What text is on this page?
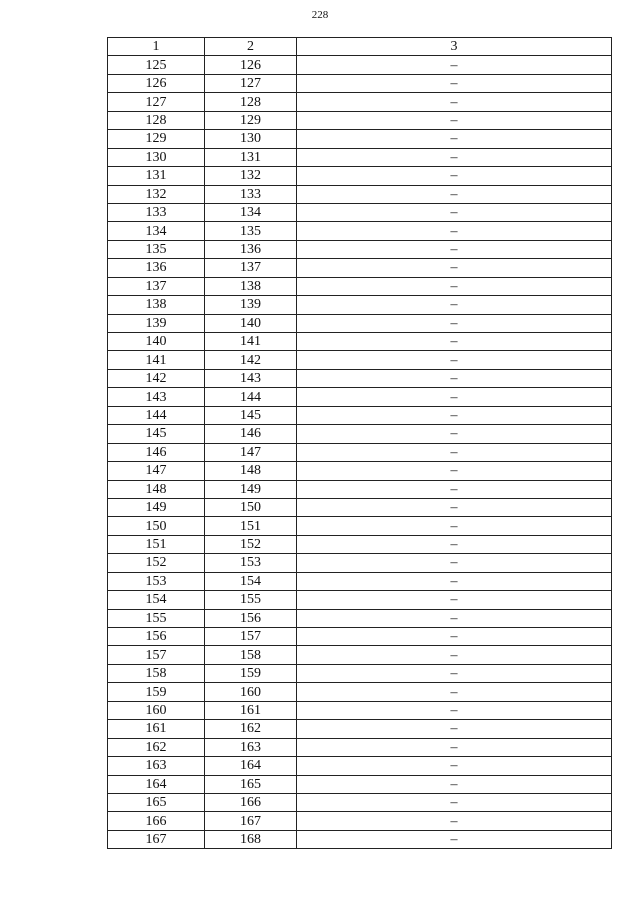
228
1	2	3
125	126	–
126	127	–
127	128	–
128	129	–
129	130	–
130	131	–
131	132	–
132	133	–
133	134	–
134	135	–
135	136	–
136	137	–
137	138	–
138	139	–
139	140	–
140	141	–
141	142	–
142	143	–
143	144	–
144	145	–
145	146	–
146	147	–
147	148	–
148	149	–
149	150	–
150	151	–
151	152	–
152	153	–
153	154	–
154	155	–
155	156	–
156	157	–
157	158	–
158	159	–
159	160	–
160	161	–
161	162	–
162	163	–
163	164	–
164	165	–
165	166	–
166	167	–
167	168	–
